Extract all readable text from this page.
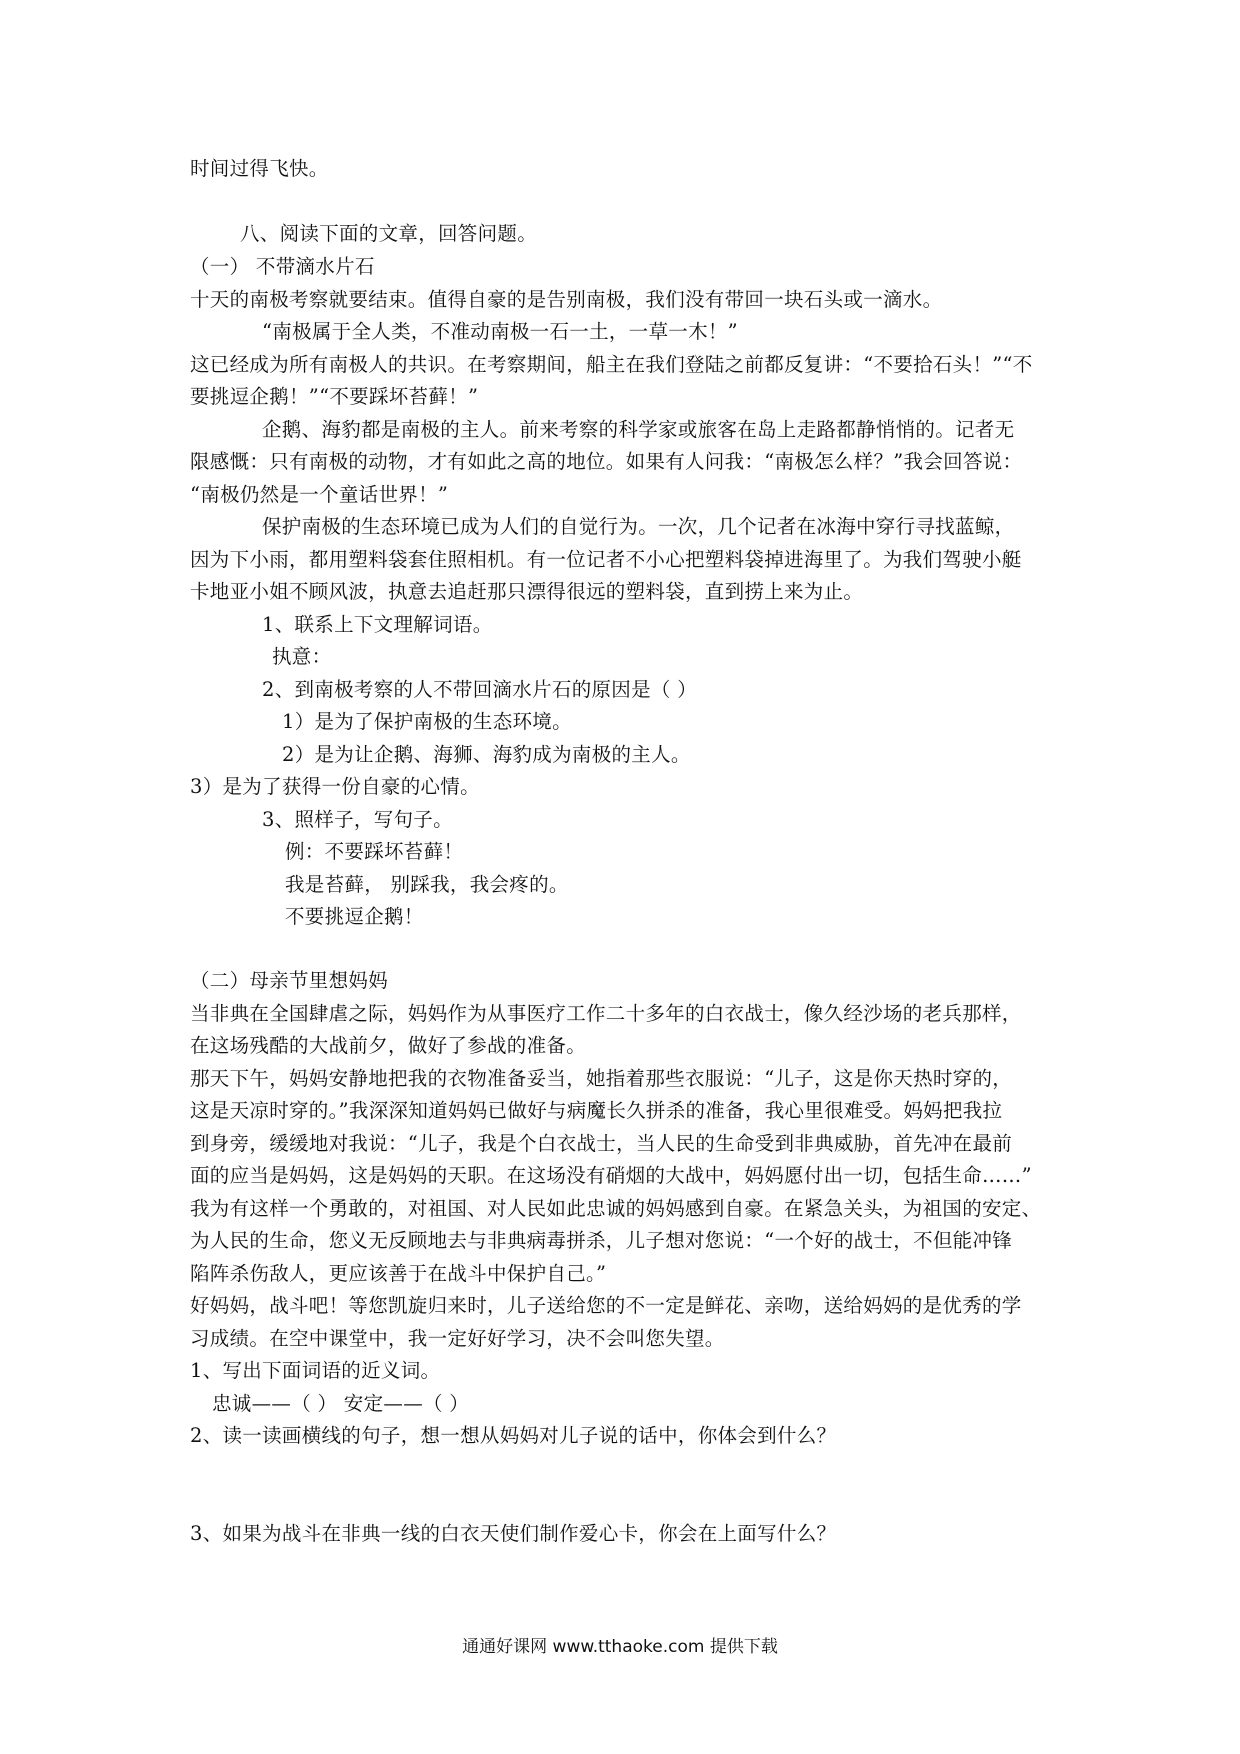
时间过得飞快。
八、阅读下面的文章，回答问题。
（一） 不带滴水片石
十天的南极考察就要结束。值得自豪的是告别南极，我们没有带回一块石头或一滴水。
“南极属于全人类，不准动南极一石一土，一草一木！”
这已经成为所有南极人的共识。在考察期间，船主在我们登陆之前都反复讲：“不要拾石头！”“不
要挑逗企鹅！”“不要踩坏苔藓！”
企鹅、海豹都是南极的主人。前来考察的科学家或旅客在岛上走路都静悄悄的。记者无
限感慨：只有南极的动物，才有如此之高的地位。如果有人问我：“南极怎么样？”我会回答说：
“南极仍然是一个童话世界！”
保护南极的生态环境已成为人们的自觉行为。一次，几个记者在冰海中穿行寻找蓝鲸，
因为下小雨，都用塑料袋套住照相机。有一位记者不小心把塑料袋掉进海里了。为我们驾驶小艇
卡地亚小姐不顾风波，执意去追赶那只漂得很远的塑料袋，直到捞上来为止。
1、联系上下文理解词语。
执意：
2、到南极考察的人不带回滴水片石的原因是（ ）
1）是为了保护南极的生态环境。
2）是为让企鹅、海狮、海豹成为南极的主人。
3）是为了获得一份自豪的心情。
3、照样子，写句子。
例：不要踩坏苔藓！
我是苔藓， 别踩我，我会疼的。
不要挑逗企鹅！
（二）母亲节里想妈妈
当非典在全国肆虐之际，妈妈作为从事医疗工作二十多年的白衣战士，像久经沙场的老兵那样，
在这场残酷的大战前夕，做好了参战的准备。
那天下午，妈妈安静地把我的衣物准备妥当，她指着那些衣服说：“儿子，这是你天热时穿的，
这是天凉时穿的。”我深深知道妈妈已做好与病魔长久拼杀的准备，我心里很难受。妈妈把我拉
到身旁，缓缓地对我说：“儿子，我是个白衣战士，当人民的生命受到非典威胁，首先冲在最前
面的应当是妈妈，这是妈妈的天职。在这场没有硝烟的大战中，妈妈愿付出一切，包括生命……”
我为有这样一个勇敢的，对祖国、对人民如此忠诚的妈妈感到自豪。在紧急关头，为祖国的安定、
为人民的生命，您义无反顾地去与非典病毒拼杀，儿子想对您说：“一个好的战士，不但能冲锋
陷阵杀伤敌人，更应该善于在战斗中保护自己。”
好妈妈，战斗吧！等您凯旋归来时，儿子送给您的不一定是鲜花、亲吻，送给妈妈的是优秀的学
习成绩。在空中课堂中，我一定好好学习，决不会叫您失望。
1、写出下面词语的近义词。
忠诚——（ ） 安定——（ ）
2、读一读画横线的句子，想一想从妈妈对儿子说的话中，你体会到什么？
3、如果为战斗在非典一线的白衣天使们制作爱心卡，你会在上面写什么？
通通好课网 www.tthaoke.com 提供下载
